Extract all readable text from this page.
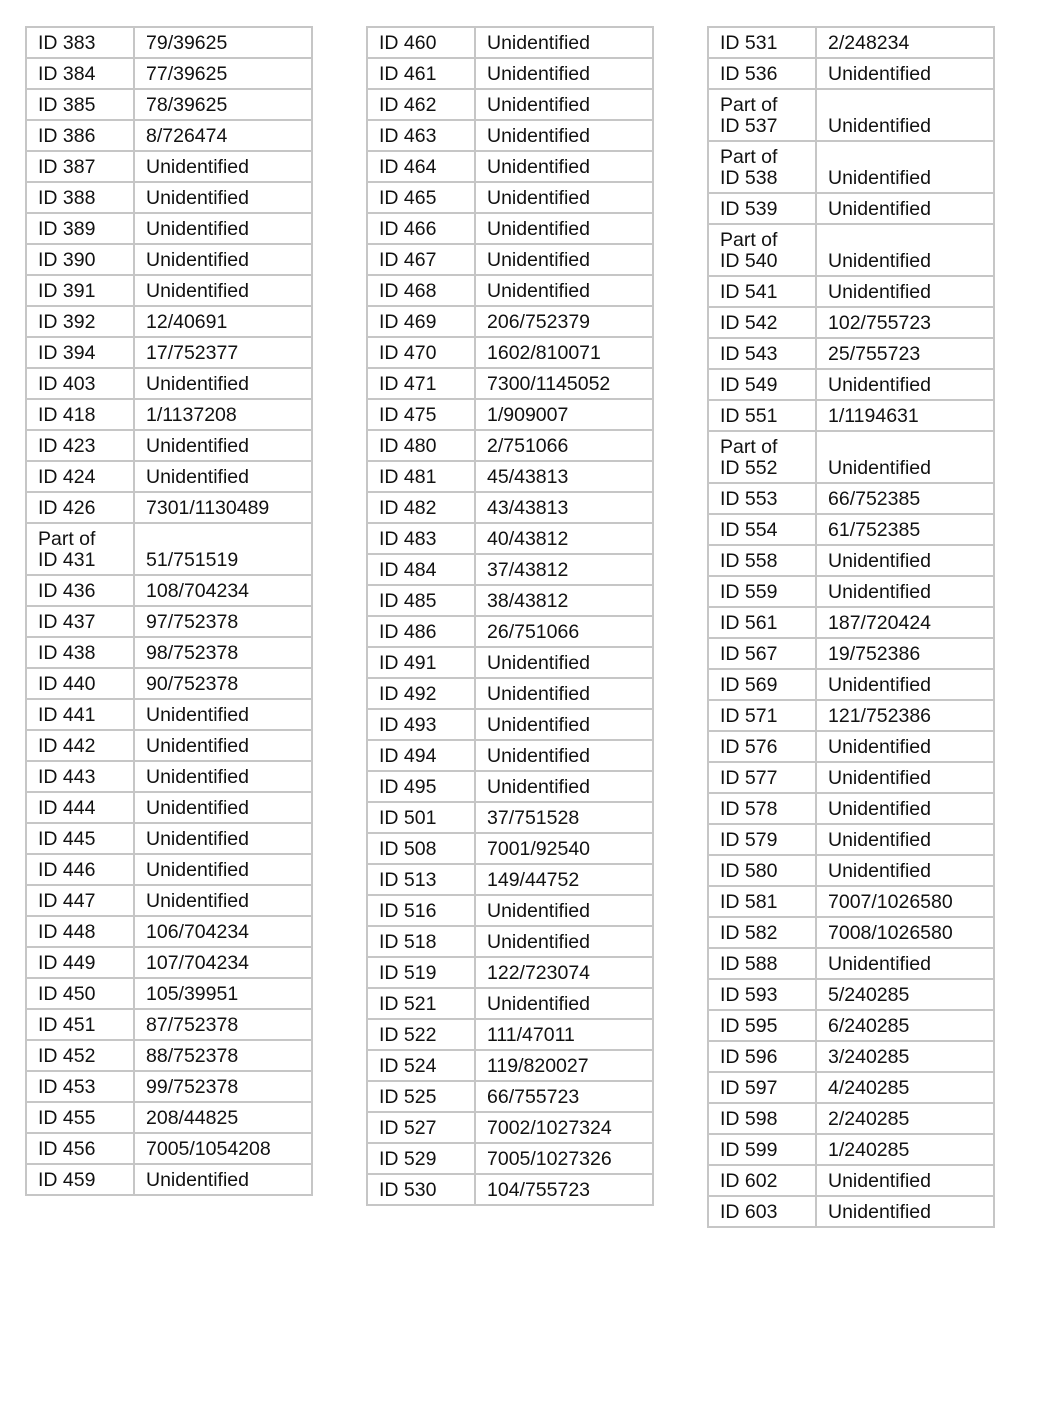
ID 383	79/39625

ID 384	77/39625

ID 385	78/39625

ID 386	8/726474

ID 387	Unidentified

ID 388	Unidentified

ID 389	Unidentified

ID 390	Unidentified

ID 391	Unidentified

ID 392	12/40691

ID 394	17/752377

ID 403	Unidentified

ID 418	1/1137208

ID 423	Unidentified

ID 424	Unidentified

ID 426	7301/1130489

Part of
ID 431	51/751519

ID 436	108/704234

ID 437	97/752378

ID 438	98/752378

ID 440	90/752378

ID 441	Unidentified

ID 442	Unidentified

ID 443	Unidentified

ID 444	Unidentified

ID 445	Unidentified

ID 446	Unidentified

ID 447	Unidentified

ID 448	106/704234

ID 449	107/704234

ID 450	105/39951

ID 451	87/752378

ID 452	88/752378

ID 453	99/752378

ID 455	208/44825

ID 456	7005/1054208

ID 459	Unidentified
ID 460	Unidentified

ID 461	Unidentified

ID 462	Unidentified

ID 463	Unidentified

ID 464	Unidentified

ID 465	Unidentified

ID 466	Unidentified

ID 467	Unidentified

ID 468	Unidentified

ID 469	206/752379

ID 470	1602/810071

ID 471	7300/1145052

ID 475	1/909007

ID 480	2/751066

ID 481	45/43813

ID 482	43/43813

ID 483	40/43812

ID 484	37/43812

ID 485	38/43812

ID 486	26/751066

ID 491	Unidentified

ID 492	Unidentified

ID 493	Unidentified

ID 494	Unidentified

ID 495	Unidentified

ID 501	37/751528

ID 508	7001/92540

ID 513	149/44752

ID 516	Unidentified

ID 518	Unidentified

ID 519	122/723074

ID 521	Unidentified

ID 522	111/47011

ID 524	119/820027

ID 525	66/755723

ID 527	7002/1027324

ID 529	7005/1027326

ID 530	104/755723
ID 531	2/248234

ID 536	Unidentified

Part of
ID 537	Unidentified

Part of
ID 538	Unidentified

ID 539	Unidentified

Part of
ID 540	Unidentified

ID 541	Unidentified

ID 542	102/755723

ID 543	25/755723

ID 549	Unidentified

ID 551	1/1194631

Part of
ID 552	Unidentified

ID 553	66/752385

ID 554	61/752385

ID 558	Unidentified

ID 559	Unidentified

ID 561	187/720424

ID 567	19/752386

ID 569	Unidentified

ID 571	121/752386

ID 576	Unidentified

ID 577	Unidentified

ID 578	Unidentified

ID 579	Unidentified

ID 580	Unidentified

ID 581	7007/1026580

ID 582	7008/1026580

ID 588	Unidentified

ID 593	5/240285

ID 595	6/240285

ID 596	3/240285

ID 597	4/240285

ID 598	2/240285

ID 599	1/240285

ID 602	Unidentified

ID 603	Unidentified
